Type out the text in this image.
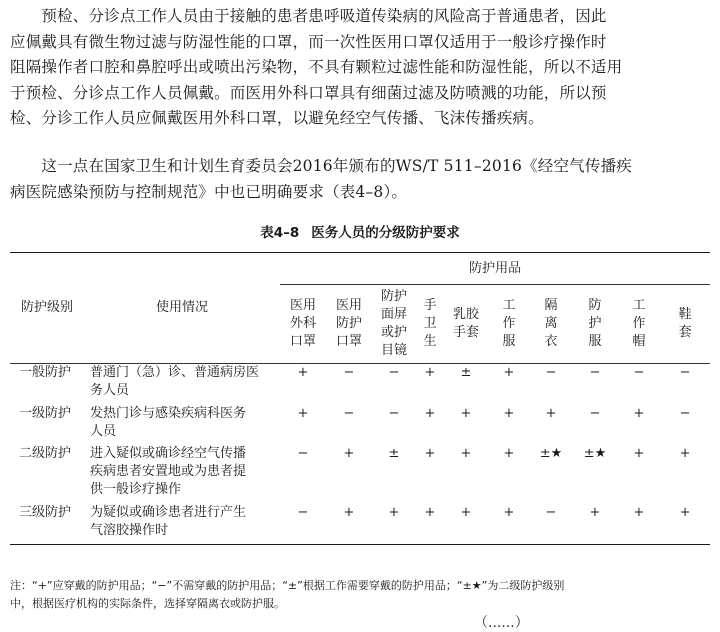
　　预检、分诊点工作人员由于接触的患者患呼吸道传染病的风险高于普通患者，因此
应佩戴具有微生物过滤与防湿性能的口罩，而一次性医用口罩仅适用于一般诊疗操作时
阻隔操作者口腔和鼻腔呼出或喷出污染物，不具有颗粒过滤性能和防湿性能，所以不适用
于预检、分诊点工作人员佩戴。而医用外科口罩具有细菌过滤及防喷溅的功能，所以预
检、分诊工作人员应佩戴医用外科口罩，以避免经空气传播、飞沫传播疾病。
　　这一点在国家卫生和计划生育委员会2016年颁布的WS/T 511–2016《经空气传播疾
病医院感染预防与控制规范》中也已明确要求（表4–8）。
表4–8 医务人员的分级防护要求
防护级别	使用情况	防护用品									

		医用
外科
口罩	医用
防护
口罩	防护
面屏
或护
目镜	手
卫
生	乳胶
手套	工
作
服	隔
离
衣	防
护
服	工
作
帽	鞋
套

一般防护	普通门（急）诊、普通病房医
务人员	+	−	−	+	±	+	−	−	−	−
一级防护	发热门诊与感染疾病科医务
人员	+	−	−	+	+	+	+	−	+	−
二级防护	进入疑似或确诊经空气传播
疾病患者安置地或为患者提
供一般诊疗操作	−	+	±	+	+	+	±★	±★	+	+
三级防护	为疑似或确诊患者进行产生
气溶胶操作时	−	+	+	+	+	+	−	+	+	+
注：“+”应穿戴的防护用品；“−”不需穿戴的防护用品；“±”根据工作需要穿戴的防护用品；“±★”为二级防护级别
中，根据医疗机构的实际条件，选择穿隔离衣或防护服。
（......）
